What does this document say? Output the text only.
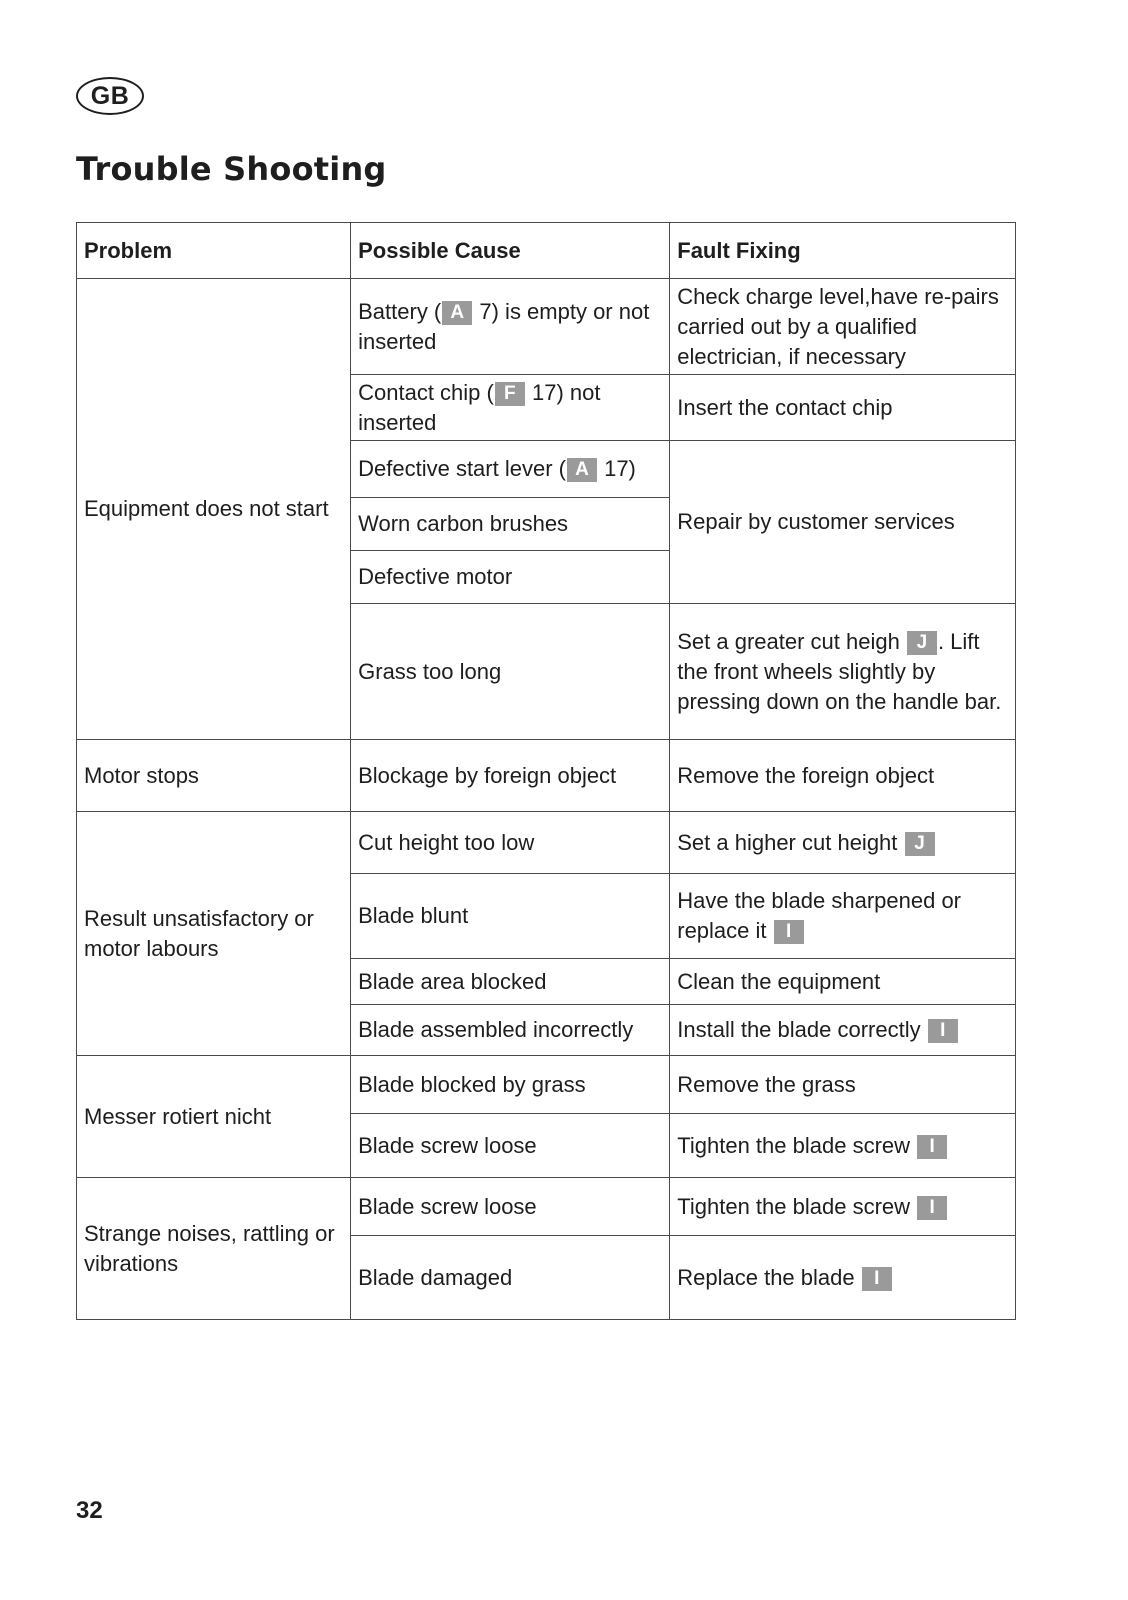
GB
Trouble Shooting
Problem	Possible Cause	Fault Fixing
Equipment does not start	Battery ( A 7) is empty or not inserted	Check charge level,have re-pairs carried out by a qualified electrician, if necessary
	Contact chip ( F 17) not inserted	Insert the contact chip
	Defective start lever ( A 17)	Repair by customer services
	Worn carbon brushes	
	Defective motor	
	Grass too long	Set a greater cut heigh J . Lift the front wheels slightly by pressing down on the handle bar.
Motor stops	Blockage by foreign object	Remove the foreign object
Result unsatisfactory or motor labours	Cut height too low	Set a higher cut height J
	Blade blunt	Have the blade sharpened or replace it I
	Blade area blocked	Clean the equipment
	Blade assembled incorrectly	Install the blade correctly I
Messer rotiert nicht	Blade blocked by grass	Remove the grass
	Blade screw loose	Tighten the blade screw I
Strange noises, rattling or vibrations	Blade screw loose	Tighten the blade screw I
	Blade damaged	Replace the blade I
32
